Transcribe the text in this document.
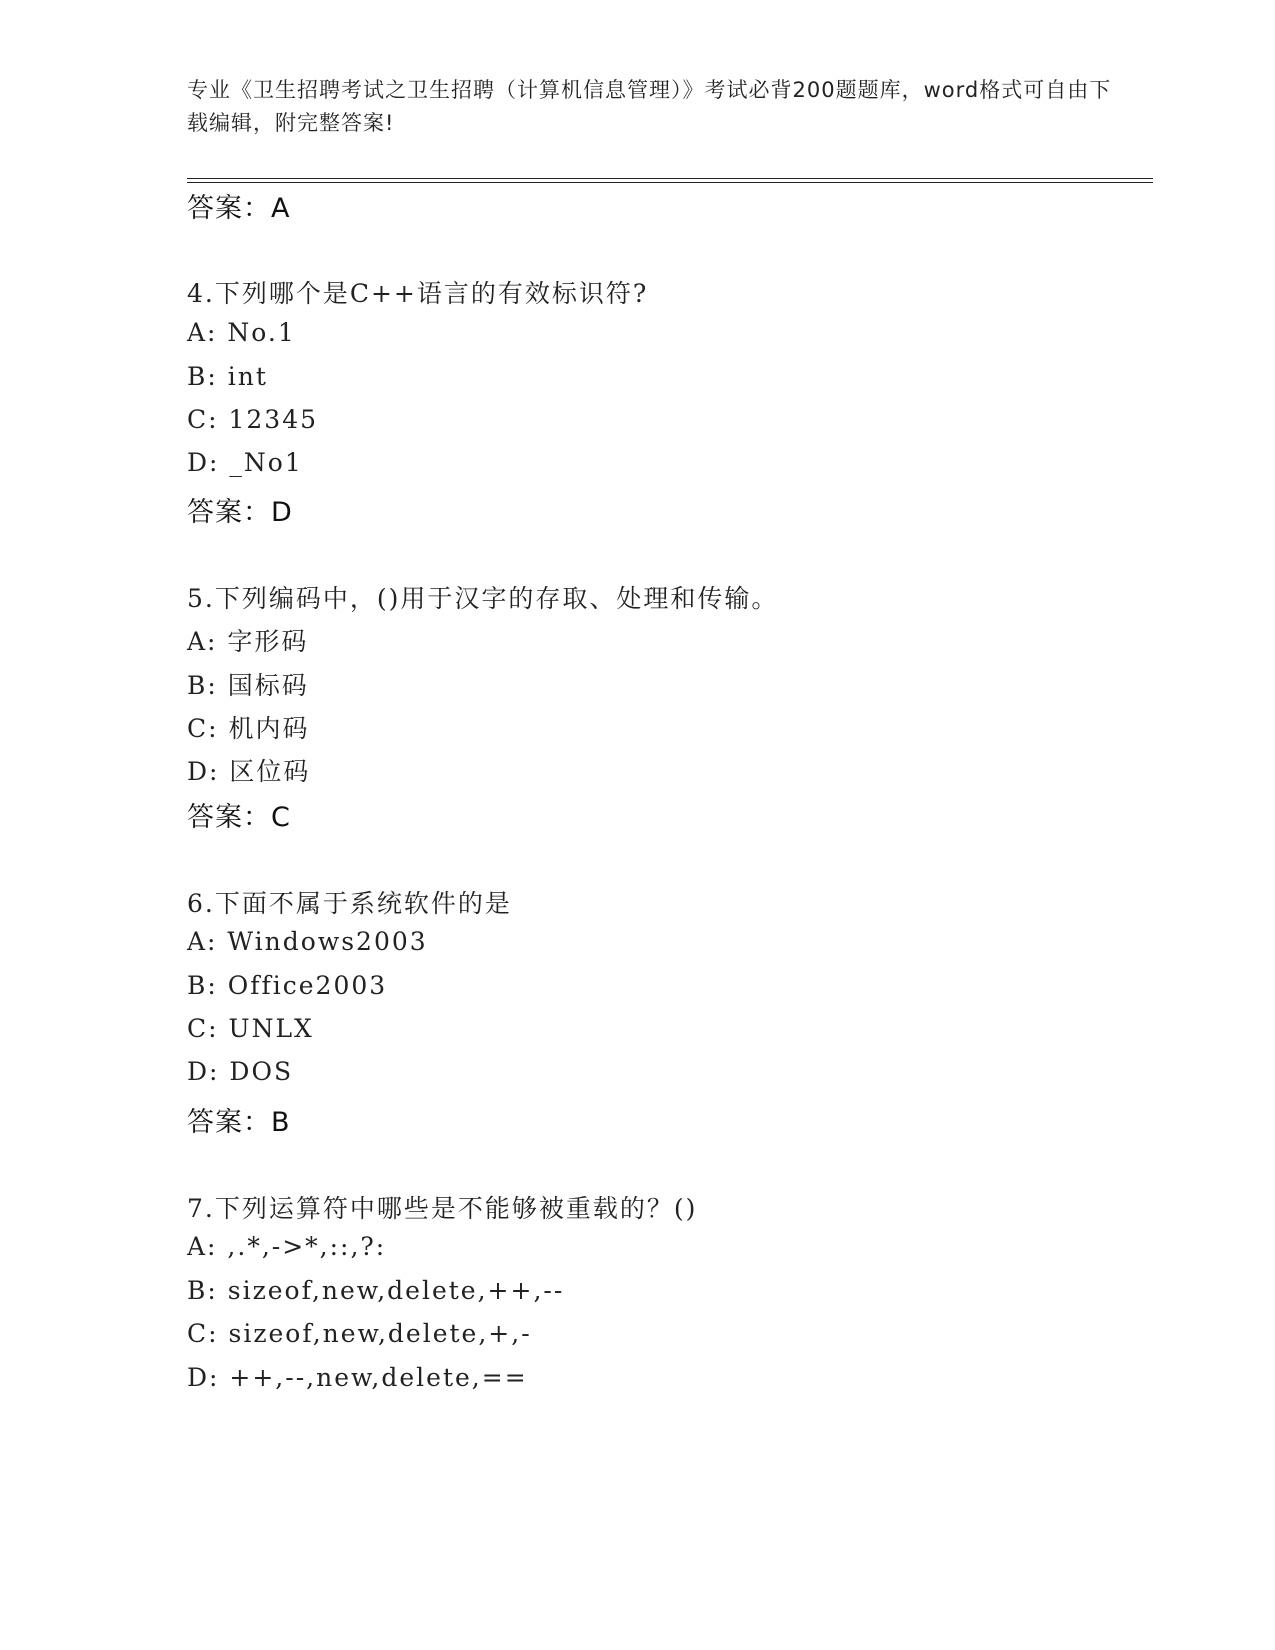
专业《卫生招聘考试之卫生招聘（计算机信息管理）》考试必背200题题库，word格式可自由下载编辑，附完整答案!
答案：A
4.下列哪个是C++语言的有效标识符?
A: No.1
B: int
C: 12345
D: _No1
答案：D
5.下列编码中，()用于汉字的存取、处理和传输。
A: 字形码
B: 国标码
C: 机内码
D: 区位码
答案：C
6.下面不属于系统软件的是
A: Windows2003
B: Office2003
C: UNLX
D: DOS
答案：B
7.下列运算符中哪些是不能够被重载的？()
A: ,.*,->*,::,?:
B: sizeof,new,delete,++,--
C: sizeof,new,delete,+,-
D: ++,--,new,delete,==
